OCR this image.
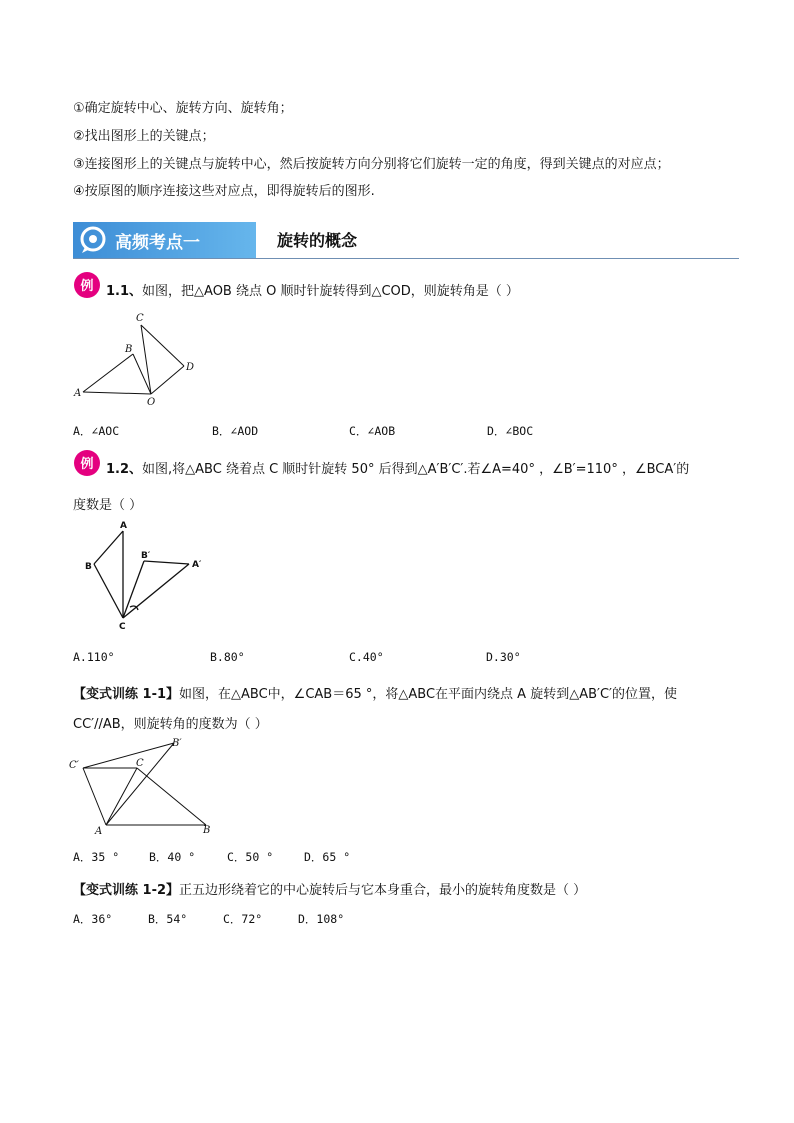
①确定旋转中心、旋转方向、旋转角；
②找出图形上的关键点；
③连接图形上的关键点与旋转中心，然后按旋转方向分别将它们旋转一定的角度，得到关键点的对应点；
④按原图的顺序连接这些对应点，即得旋转后的图形.
高频考点一	旋转的概念
例 1.1、如图，把△AOB 绕点 O 顺时针旋转得到△COD，则旋转角是（ ）
A
B
C
D
O
A．∠AOC	B．∠AOD	C．∠AOB	D．∠BOC
例 1.2、如图,将△ABC 绕着点 C 顺时针旋转 50° 后得到△A′B′C′.若∠A=40° ，∠B′=110° ，∠BCA′的
度数是（ ）
A
B
B′
A′
C
A.110°	B.80°	C.40°	D.30°
【变式训练 1-1】如图，在△ABC中，∠CAB＝65 °，将△ABC在平面内绕点 A 旋转到△AB′C′的位置，使
CC′//AB，则旋转角的度数为（ ）
C′	C
B′
A	B
A．35 °	B．40 °	C．50 °	D．65 °
【变式训练 1-2】正五边形绕着它的中心旋转后与它本身重合，最小的旋转角度数是（ ）
A．36°	B．54°	C．72°	D．108°
